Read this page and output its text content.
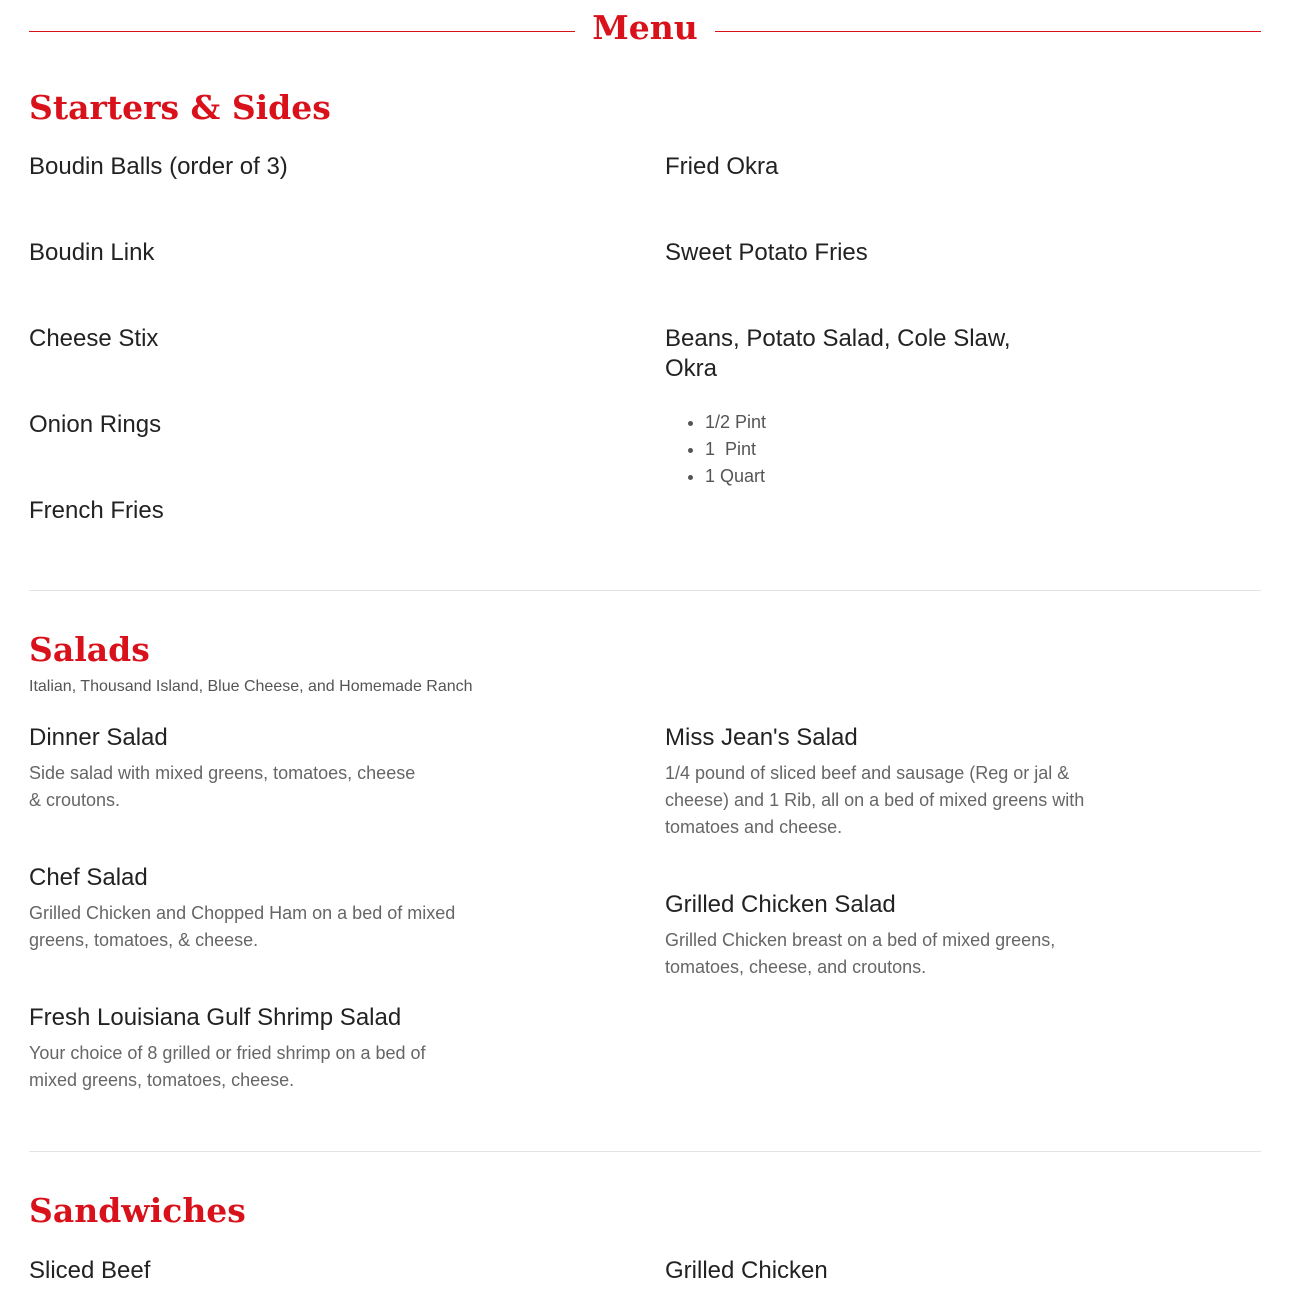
Menu
Starters & Sides
Boudin Balls (order of 3)
Boudin Link
Cheese Stix
Onion Rings
French Fries
Fried Okra
Sweet Potato Fries
Beans, Potato Salad, Cole Slaw, Okra
• 1/2 Pint
• 1  Pint
• 1 Quart
Salads
Italian, Thousand Island, Blue Cheese, and Homemade Ranch
Dinner Salad
Side salad with mixed greens, tomatoes, cheese & croutons.
Miss Jean's Salad
1/4 pound of sliced beef and sausage (Reg or jal & cheese) and 1 Rib, all on a bed of mixed greens with tomatoes and cheese.
Chef Salad
Grilled Chicken and Chopped Ham on a bed of mixed greens, tomatoes, & cheese.
Grilled Chicken Salad
Grilled Chicken breast on a bed of mixed greens, tomatoes, cheese, and croutons.
Fresh Louisiana Gulf Shrimp Salad
Your choice of 8 grilled or fried shrimp on a bed of mixed greens, tomatoes, cheese.
Sandwiches
Sliced Beef	Grilled Chicken
